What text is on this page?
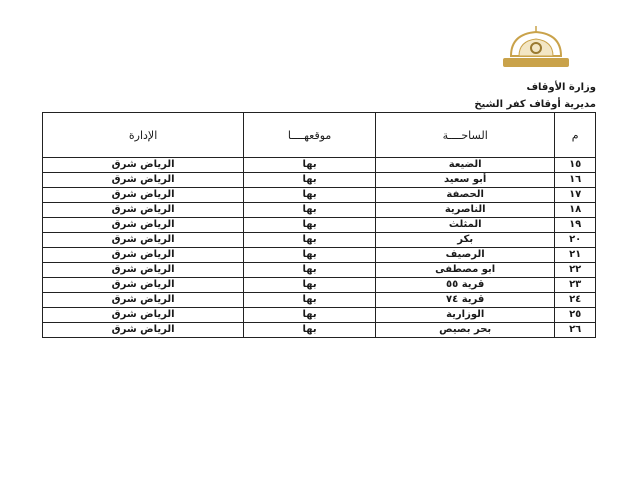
وزارة الأوقاف
مديرية أوقاف كفر الشيخ
م	الساحــــة	موقعهــــا	الإدارة
١٥	الضيعة	بها	الرياض شرق
١٦	أبو سعيد	بها	الرياض شرق
١٧	الحصفة	بها	الرياض شرق
١٨	الناصرية	بها	الرياض شرق
١٩	المثلث	بها	الرياض شرق
٢٠	بكر	بها	الرياض شرق
٢١	الرصيف	بها	الرياض شرق
٢٢	ابو مصطفى	بها	الرياض شرق
٢٣	قرية ٥٥	بها	الرياض شرق
٢٤	قرية ٧٤	بها	الرياض شرق
٢٥	الوزارية	بها	الرياض شرق
٢٦	بحر بصيص	بها	الرياض شرق
